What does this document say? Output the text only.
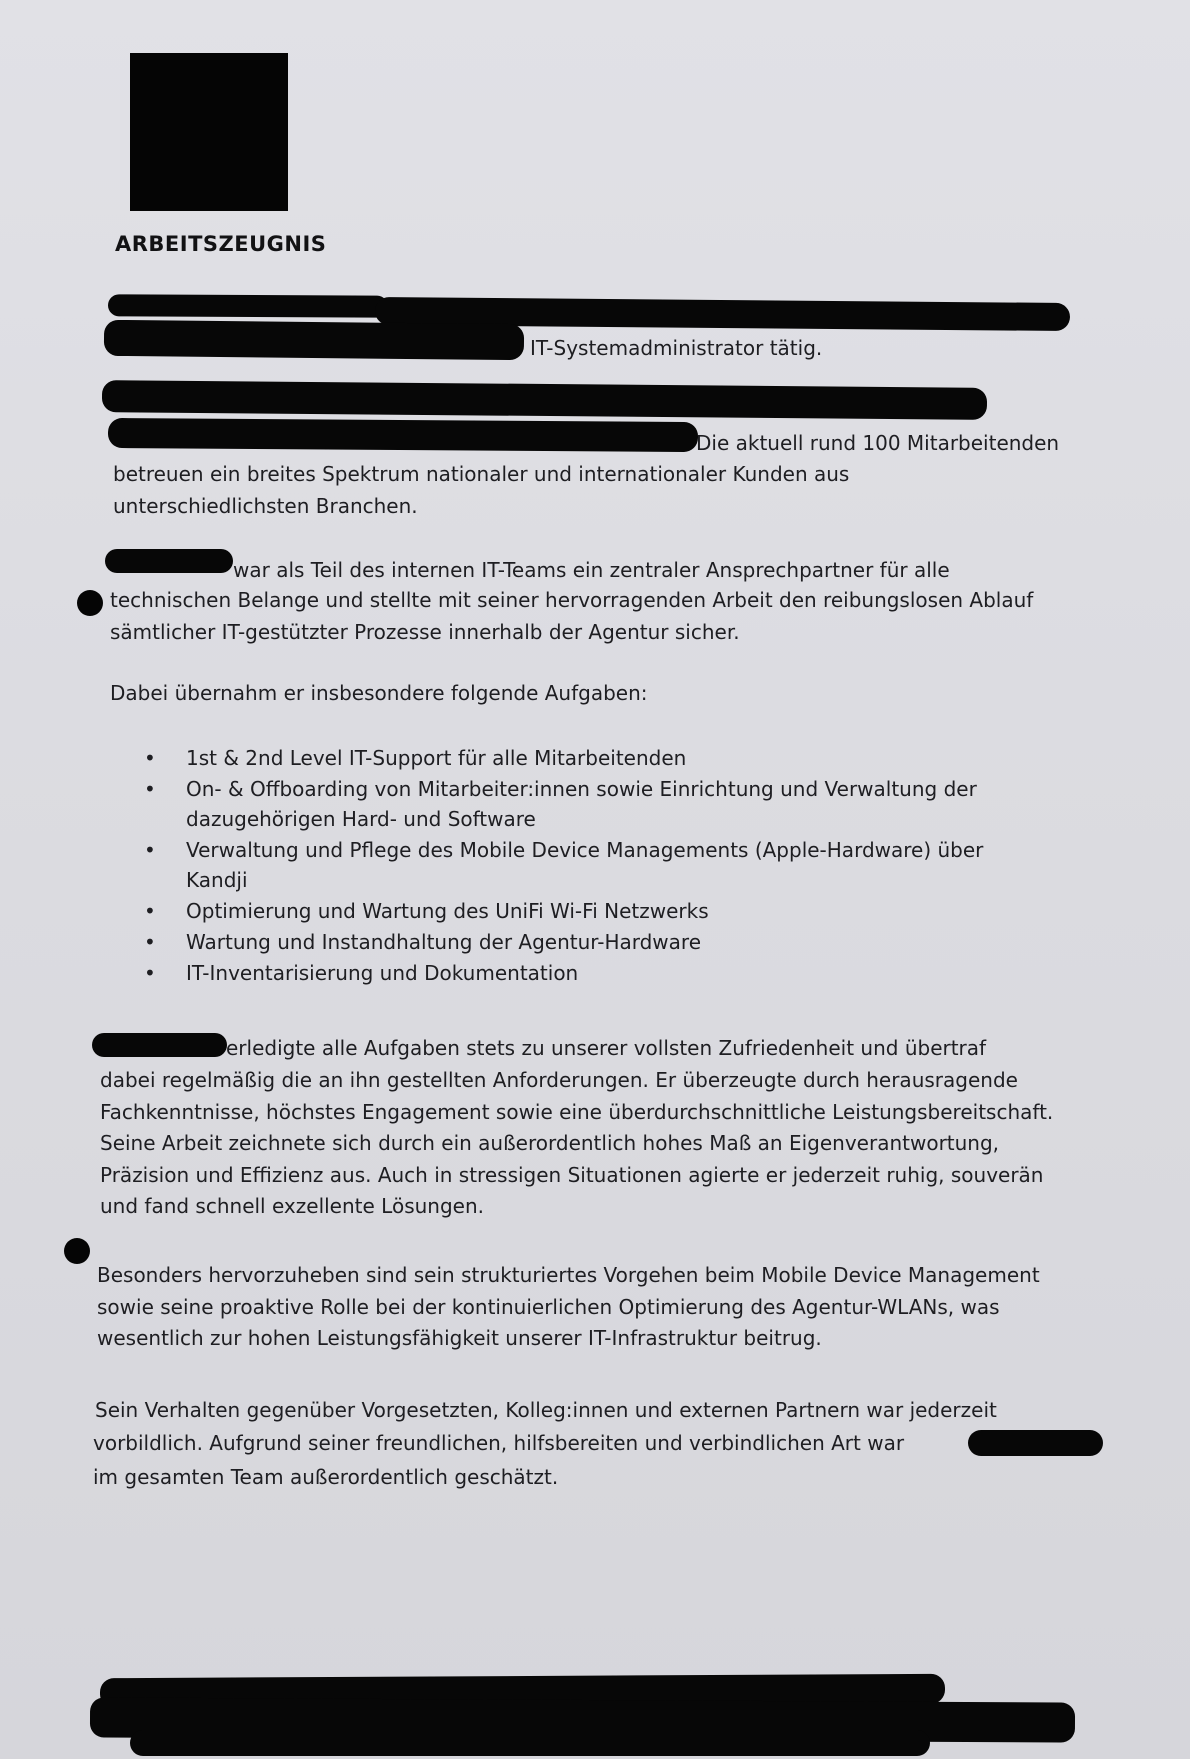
ARBEITSZEUGNIS
IT-Systemadministrator tätig.
Die aktuell rund 100 Mitarbeitenden
betreuen ein breites Spektrum nationaler und internationaler Kunden aus unterschiedlichsten Branchen.
war als Teil des internen IT-Teams ein zentraler Ansprechpartner für alle
technischen Belange und stellte mit seiner hervorragenden Arbeit den reibungslosen Ablauf sämtlicher IT-gestützter Prozesse innerhalb der Agentur sicher.
Dabei übernahm er insbesondere folgende Aufgaben:
• 1st & 2nd Level IT-Support für alle Mitarbeitenden
• On- & Offboarding von Mitarbeiter:innen sowie Einrichtung und Verwaltung der dazugehörigen Hard- und Software
• Verwaltung und Pflege des Mobile Device Managements (Apple-Hardware) über Kandji
• Optimierung und Wartung des UniFi Wi-Fi Netzwerks
• Wartung und Instandhaltung der Agentur-Hardware
• IT-Inventarisierung und Dokumentation
erledigte alle Aufgaben stets zu unserer vollsten Zufriedenheit und übertraf
dabei regelmäßig die an ihn gestellten Anforderungen. Er überzeugte durch herausragende Fachkenntnisse, höchstes Engagement sowie eine überdurchschnittliche Leistungsbereitschaft. Seine Arbeit zeichnete sich durch ein außerordentlich hohes Maß an Eigenverantwortung, Präzision und Effizienz aus. Auch in stressigen Situationen agierte er jederzeit ruhig, souverän und fand schnell exzellente Lösungen.
Besonders hervorzuheben sind sein strukturiertes Vorgehen beim Mobile Device Management sowie seine proaktive Rolle bei der kontinuierlichen Optimierung des Agentur-WLANs, was wesentlich zur hohen Leistungsfähigkeit unserer IT-Infrastruktur beitrug.
Sein Verhalten gegenüber Vorgesetzten, Kolleg:innen und externen Partnern war jederzeit
vorbildlich. Aufgrund seiner freundlichen, hilfsbereiten und verbindlichen Art war
im gesamten Team außerordentlich geschätzt.
